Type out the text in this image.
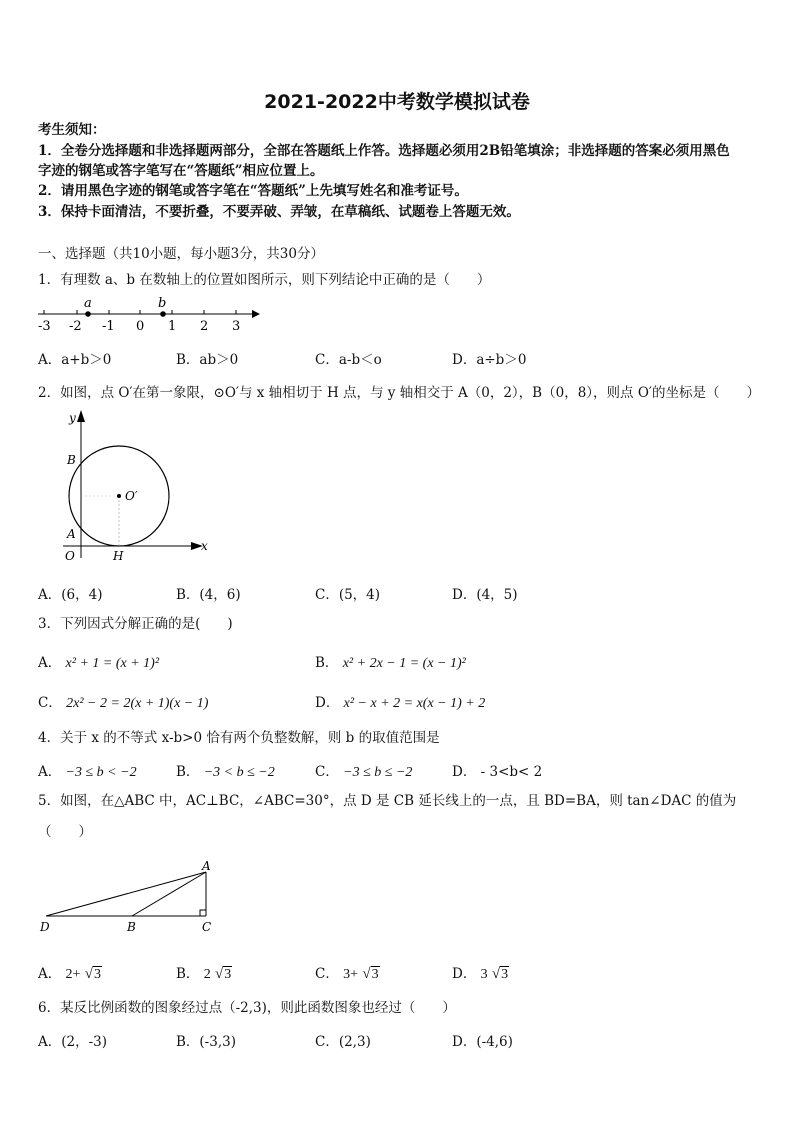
2021-2022中考数学模拟试卷
考生须知：
1．全卷分选择题和非选择题两部分，全部在答题纸上作答。选择题必须用2B铅笔填涂；非选择题的答案必须用黑色
字迹的钢笔或答字笔写在“答题纸”相应位置上。
2．请用黑色字迹的钢笔或答字笔在“答题纸”上先填写姓名和准考证号。
3．保持卡面清洁，不要折叠，不要弄破、弄皱，在草稿纸、试题卷上答题无效。
一、选择题（共10小题，每小题3分，共30分）
1．有理数 a、b 在数轴上的位置如图所示，则下列结论中正确的是（　　）
a	b
-3 -2 -1 0 1 2 3
A．a+b＞0	B．ab＞0	C．a-b＜o	D．a÷b＞0
2．如图，点 O′在第一象限，⊙O′与 x 轴相切于 H 点，与 y 轴相交于 A（0，2），B（0，8），则点 O′的坐标是（　　）
O′
y
x
B
A
O	H
A．(6，4)	B．(4，6)	C．(5，4)	D．(4，5)
3．下列因式分解正确的是(　　)
A． x² + 1 = (x + 1)²	B． x² + 2x − 1 = (x − 1)²
C． 2x² − 2 = 2(x + 1)(x − 1)	D． x² − x + 2 = x(x − 1) + 2
4．关于 x 的不等式 x-b>0 恰有两个负整数解，则 b 的取值范围是
A． −3 ≤ b < −2	B． −3 < b ≤ −2	C． −3 ≤ b ≤ −2	D． - 3<b< 2
5．如图，在△ABC 中，AC⊥BC，∠ABC=30°，点 D 是 CB 延长线上的一点，且 BD=BA，则 tan∠DAC 的值为
（　　）
A
D	B	C
A． 2+ √3	B． 2 √3	C． 3+ √3	D． 3 √3
6．某反比例函数的图象经过点（-2,3)，则此函数图象也经过（　　）
A．(2，-3)	B．(-3,3)	C．(2,3)	D．(-4,6)
